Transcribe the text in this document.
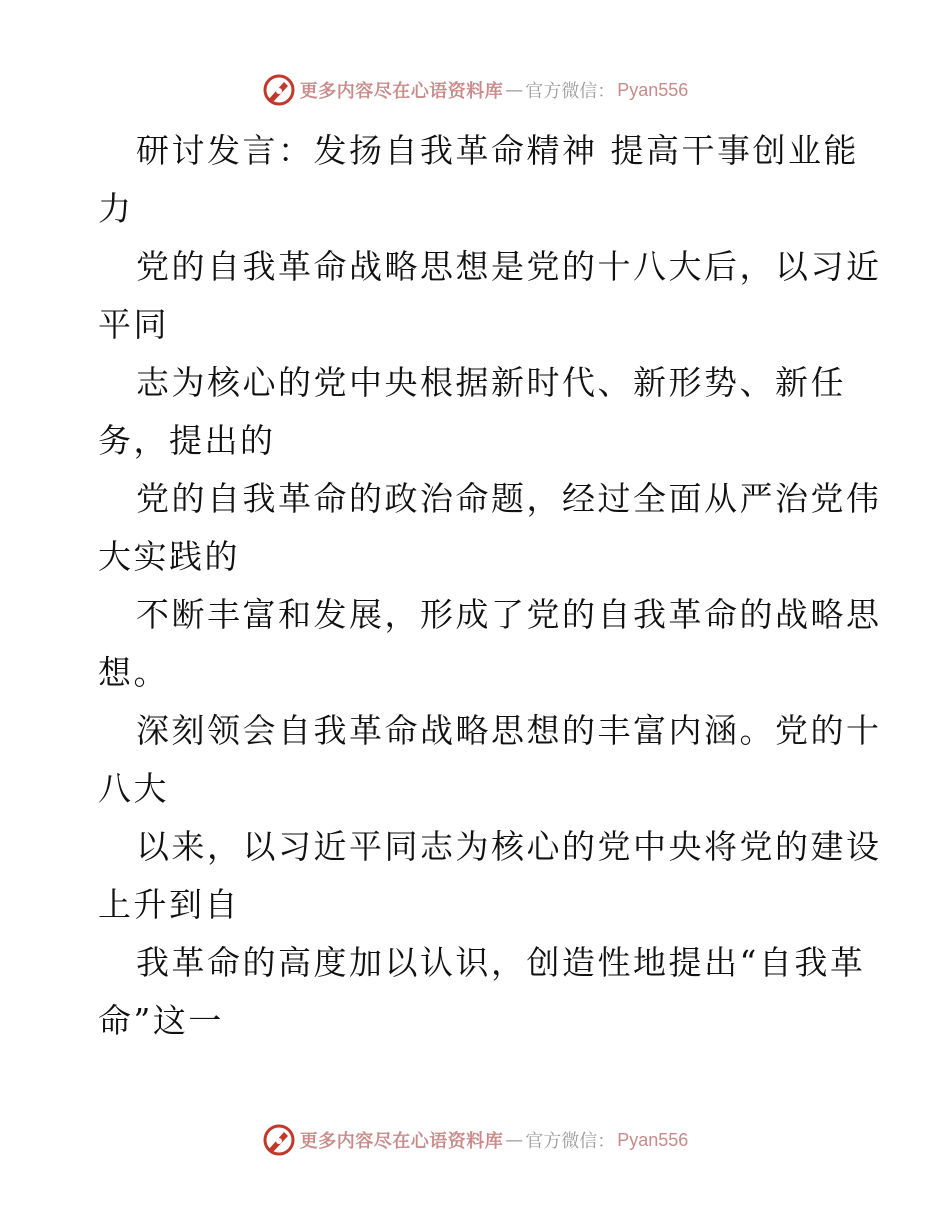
更多内容尽在心语资料库 — 官方微信： Pyan556
研讨发言：发扬自我革命精神 提高干事创业能
力
党的自我革命战略思想是党的十八大后，以习近
平同
志为核心的党中央根据新时代、新形势、新任
务，提出的
党的自我革命的政治命题，经过全面从严治党伟
大实践的
不断丰富和发展，形成了党的自我革命的战略思
想。
深刻领会自我革命战略思想的丰富内涵。党的十
八大
以来，以习近平同志为核心的党中央将党的建设
上升到自
我革命的高度加以认识，创造性地提出“自我革
命”这一
更多内容尽在心语资料库 — 官方微信： Pyan556
